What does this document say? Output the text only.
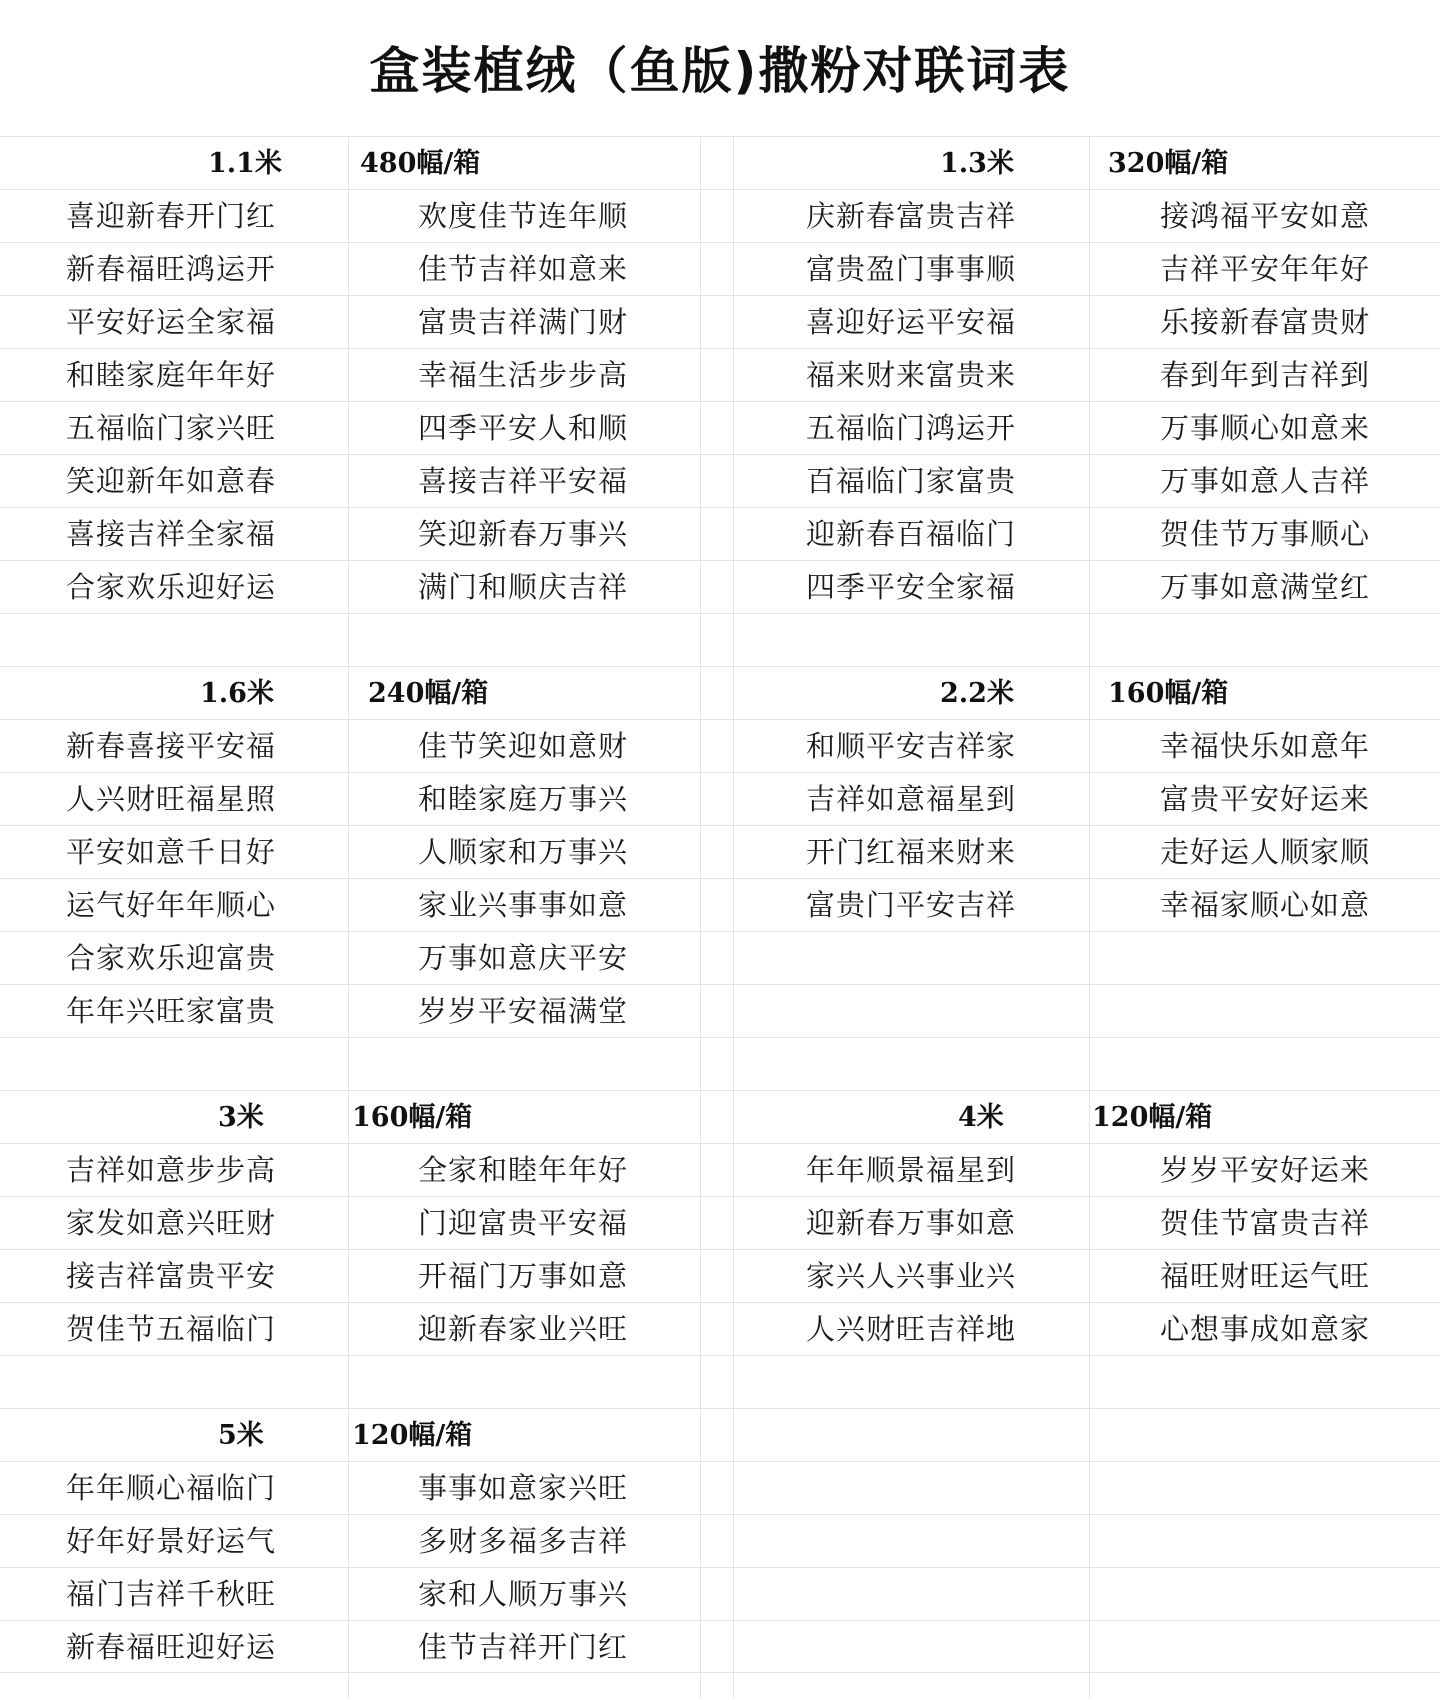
盒装植绒（鱼版)撒粉对联词表
1.1米	480幅/箱	1.3米	320幅/箱
喜迎新春开门红	欢度佳节连年顺	庆新春富贵吉祥	接鸿福平安如意
新春福旺鸿运开	佳节吉祥如意来	富贵盈门事事顺	吉祥平安年年好
平安好运全家福	富贵吉祥满门财	喜迎好运平安福	乐接新春富贵财
和睦家庭年年好	幸福生活步步高	福来财来富贵来	春到年到吉祥到
五福临门家兴旺	四季平安人和顺	五福临门鸿运开	万事顺心如意来
笑迎新年如意春	喜接吉祥平安福	百福临门家富贵	万事如意人吉祥
喜接吉祥全家福	笑迎新春万事兴	迎新春百福临门	贺佳节万事顺心
合家欢乐迎好运	满门和顺庆吉祥	四季平安全家福	万事如意满堂红
1.6米	240幅/箱	2.2米	160幅/箱
新春喜接平安福	佳节笑迎如意财	和顺平安吉祥家	幸福快乐如意年
人兴财旺福星照	和睦家庭万事兴	吉祥如意福星到	富贵平安好运来
平安如意千日好	人顺家和万事兴	开门红福来财来	走好运人顺家顺
运气好年年顺心	家业兴事事如意	富贵门平安吉祥	幸福家顺心如意
合家欢乐迎富贵	万事如意庆平安
年年兴旺家富贵	岁岁平安福满堂
3米	160幅/箱	4米	120幅/箱
吉祥如意步步高	全家和睦年年好	年年顺景福星到	岁岁平安好运来
家发如意兴旺财	门迎富贵平安福	迎新春万事如意	贺佳节富贵吉祥
接吉祥富贵平安	开福门万事如意	家兴人兴事业兴	福旺财旺运气旺
贺佳节五福临门	迎新春家业兴旺	人兴财旺吉祥地	心想事成如意家
5米	120幅/箱
年年顺心福临门	事事如意家兴旺
好年好景好运气	多财多福多吉祥
福门吉祥千秋旺	家和人顺万事兴
新春福旺迎好运	佳节吉祥开门红
